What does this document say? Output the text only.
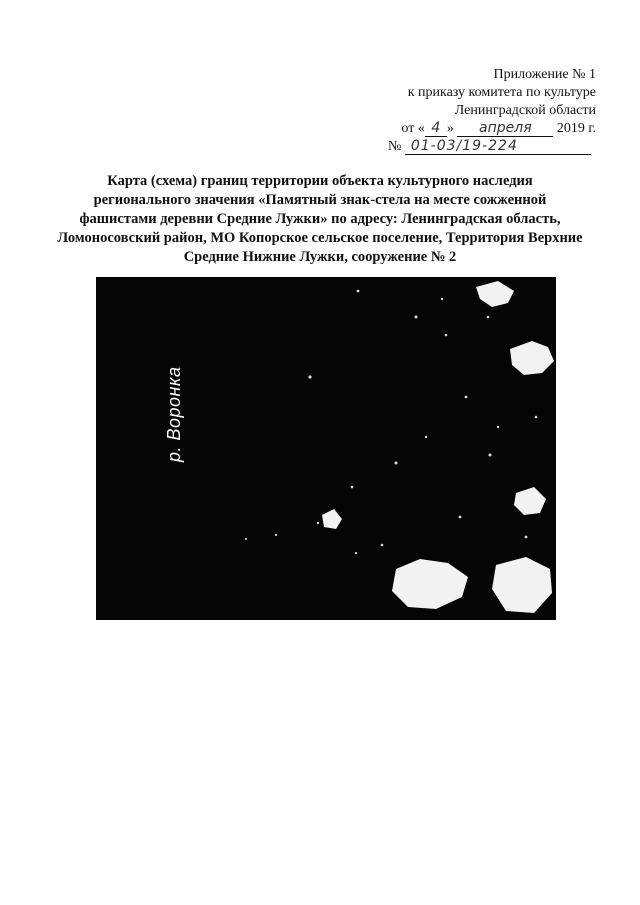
Приложение № 1
к приказу комитета по культуре
Ленинградской области
от « 4 » апреля 2019 г.
№ 01-03/19-224
Карта (схема) границ территории объекта культурного наследия
регионального значения «Памятный знак-стела на месте сожженной
фашистами деревни Средние Лужки» по адресу: Ленинградская область,
Ломоносовский район, МО Копорское сельское поселение, Территория Верхние
Средние Нижние Лужки, сооружение № 2
р. Воронка
